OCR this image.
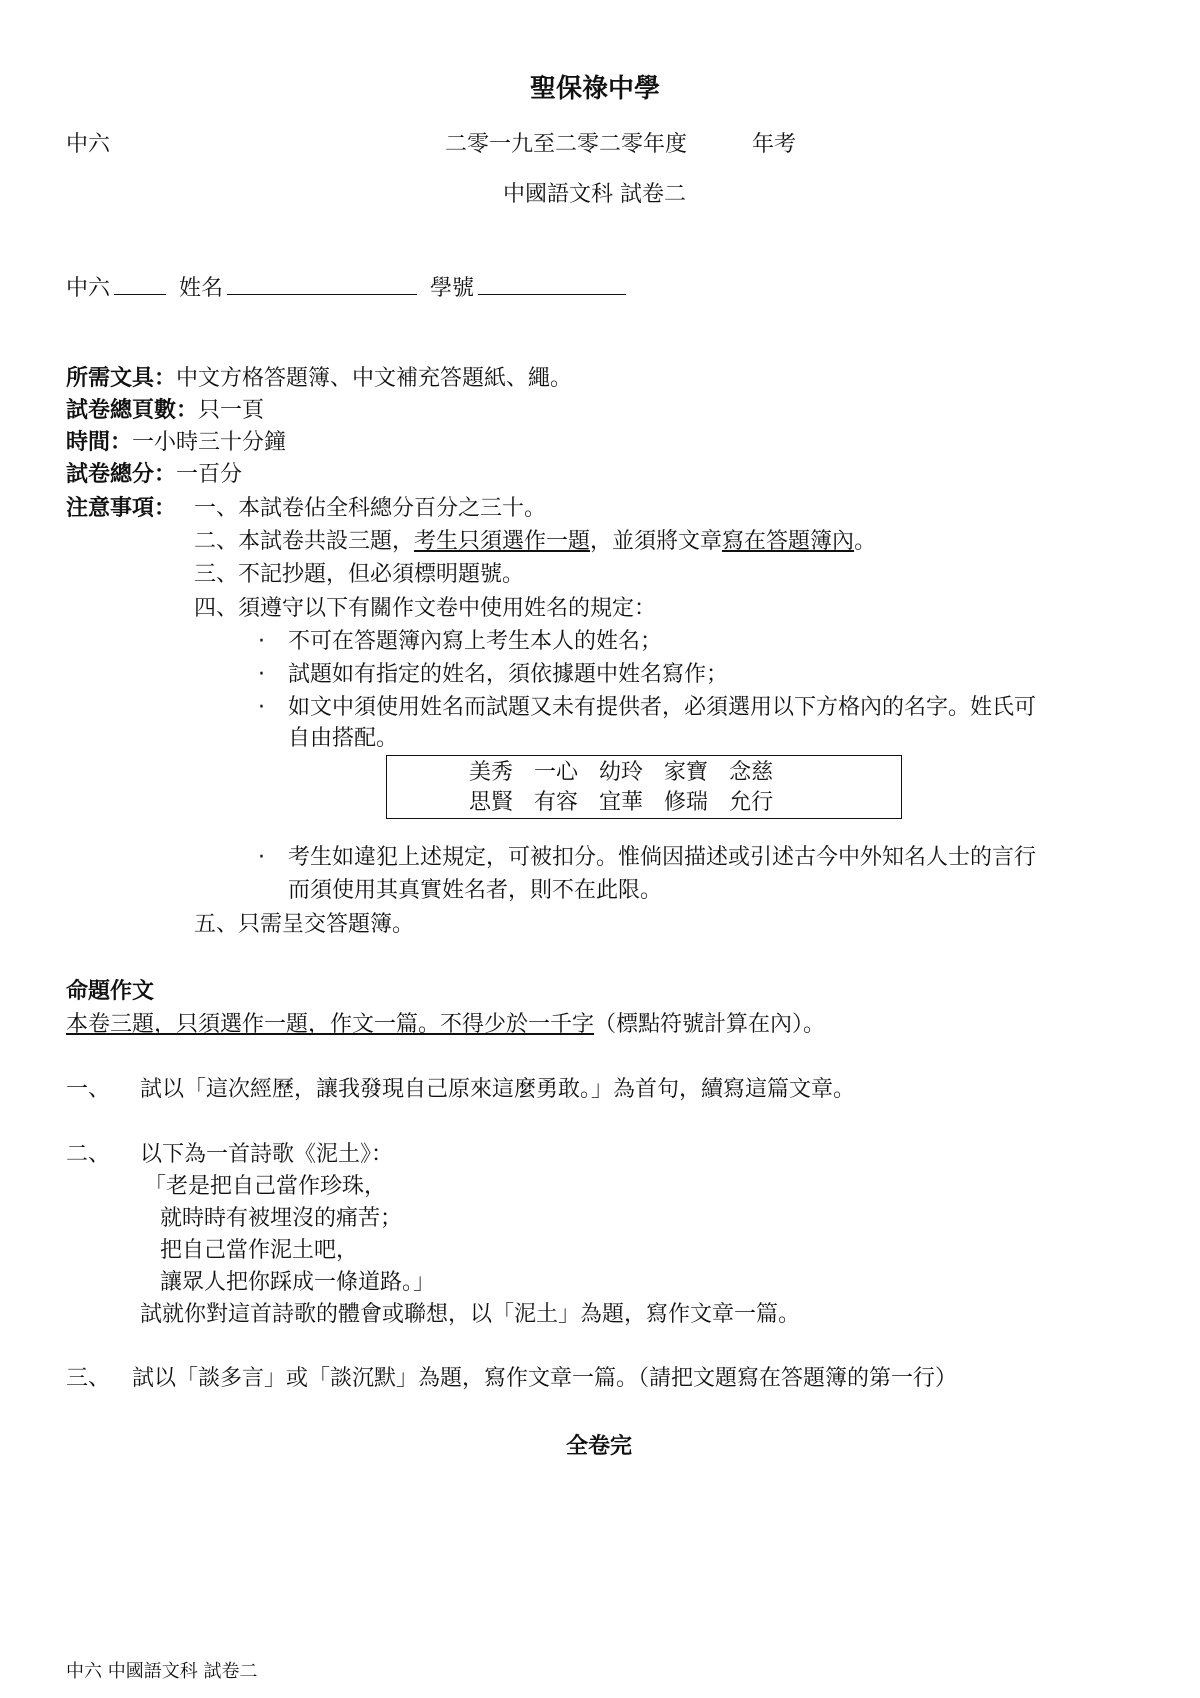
聖保祿中學
中六	二零一九至二零二零年度	年考
中國語文科 試卷二
中六	姓名	學號
所需文具：中文方格答題簿、中文補充答題紙、繩。
試卷總頁數：只一頁
時間：一小時三十分鐘
試卷總分：一百分
注意事項： 一、本試卷佔全科總分百分之三十。
二、本試卷共設三題，考生只須選作一題，並須將文章寫在答題簿內。
三、不記抄題，但必須標明題號。
四、須遵守以下有關作文卷中使用姓名的規定：
· 不可在答題簿內寫上考生本人的姓名；
· 試題如有指定的姓名，須依據題中姓名寫作；
· 如文中須使用姓名而試題又未有提供者，必須選用以下方格內的名字。姓氏可
自由搭配。
美秀 一心 幼玲 家寶 念慈
思賢 有容 宜華 修瑞 允行
· 考生如違犯上述規定，可被扣分。惟倘因描述或引述古今中外知名人士的言行
而須使用其真實姓名者，則不在此限。
五、只需呈交答題簿。
命題作文
本卷三題，只須選作一題，作文一篇。不得少於一千字（標點符號計算在內）。
一、 試以「這次經歷，讓我發現自己原來這麼勇敢。」為首句，續寫這篇文章。
二、 以下為一首詩歌《泥土》：
「老是把自己當作珍珠，
就時時有被埋沒的痛苦；
把自己當作泥土吧，
讓眾人把你踩成一條道路。」
試就你對這首詩歌的體會或聯想，以「泥土」為題，寫作文章一篇。
三、 試以「談多言」或「談沉默」為題，寫作文章一篇。（請把文題寫在答題簿的第一行）
全卷完
中六 中國語文科 試卷二
